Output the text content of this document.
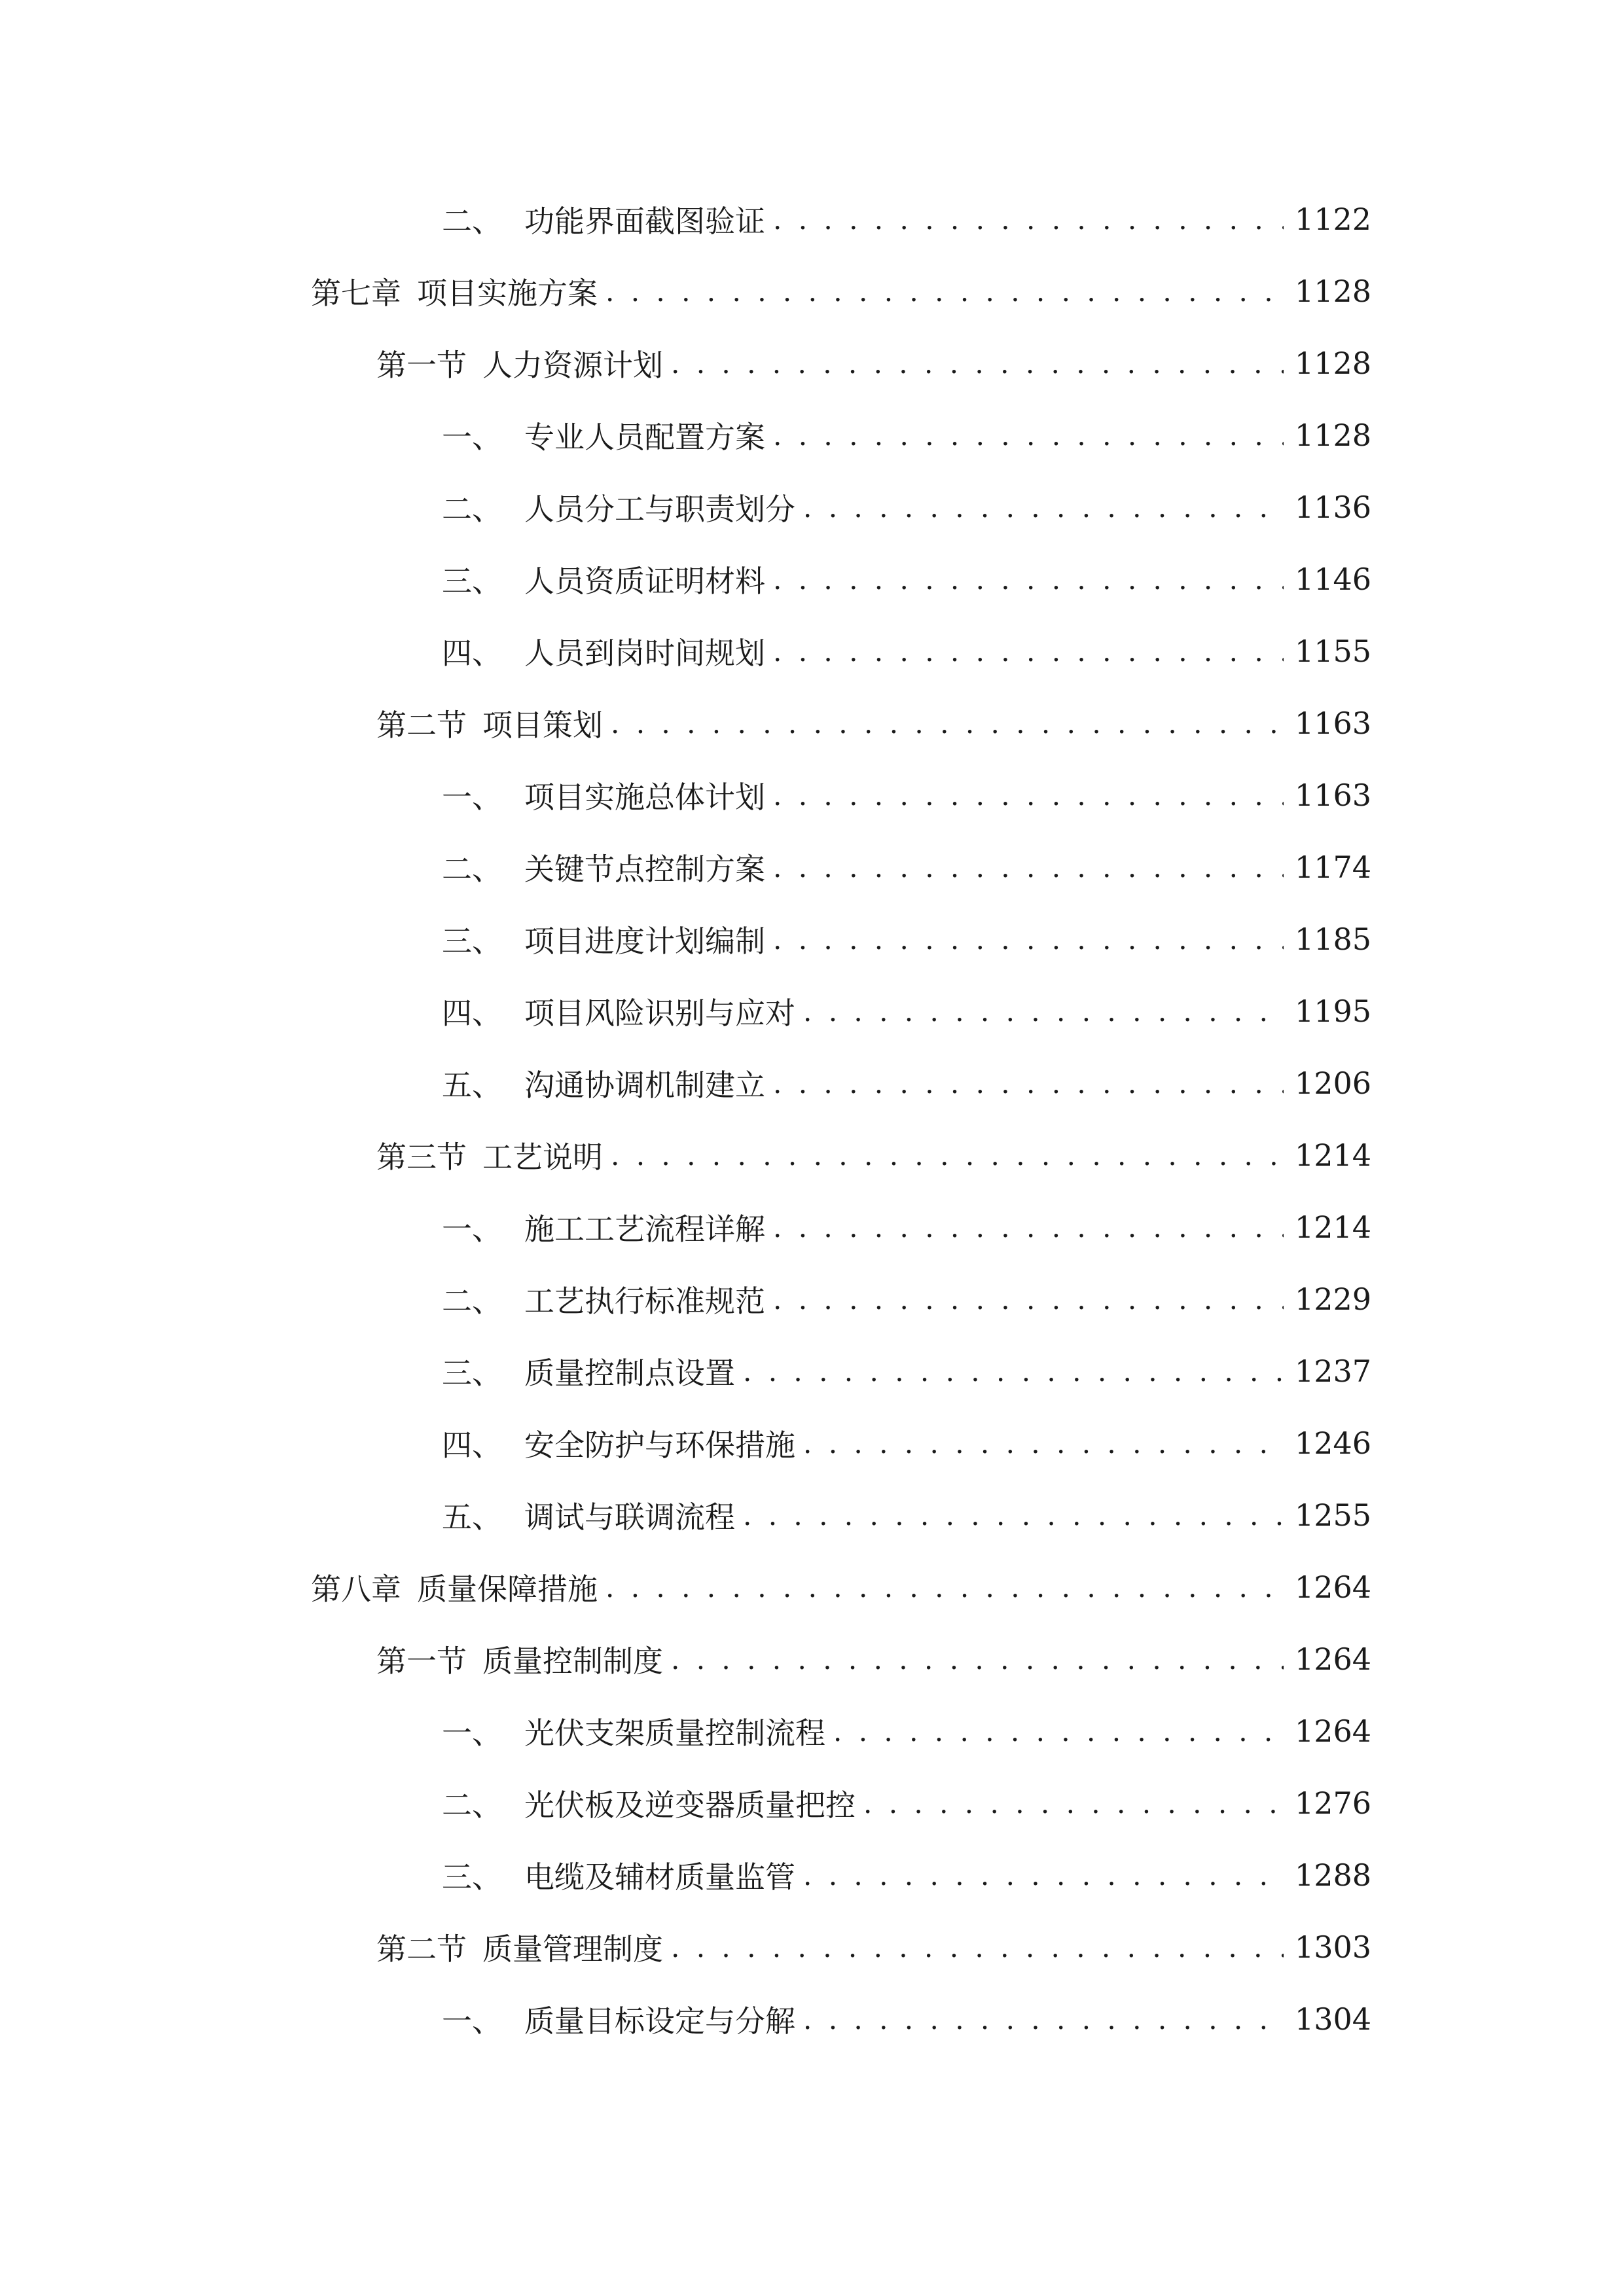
二、 功能界面截图验证 . . .	1122
第七章 项目实施方案 . . .	1128
第一节 人力资源计划 . . .	1128
一、 专业人员配置方案 . . .	1128
二、 人员分工与职责划分 . . .	1136
三、 人员资质证明材料 . . .	1146
四、 人员到岗时间规划 . . .	1155
第二节 项目策划 . . .	1163
一、 项目实施总体计划 . . .	1163
二、 关键节点控制方案 . . .	1174
三、 项目进度计划编制 . . .	1185
四、 项目风险识别与应对 . . .	1195
五、 沟通协调机制建立 . . .	1206
第三节 工艺说明 . . .	1214
一、 施工工艺流程详解 . . .	1214
二、 工艺执行标准规范 . . .	1229
三、 质量控制点设置 . . .	1237
四、 安全防护与环保措施 . . .	1246
五、 调试与联调流程 . . .	1255
第八章 质量保障措施 . . .	1264
第一节 质量控制制度 . . .	1264
一、 光伏支架质量控制流程 . . .	1264
二、 光伏板及逆变器质量把控 . . .	1276
三、 电缆及辅材质量监管 . . .	1288
第二节 质量管理制度 . . .	1303
一、 质量目标设定与分解 . . .	1304
